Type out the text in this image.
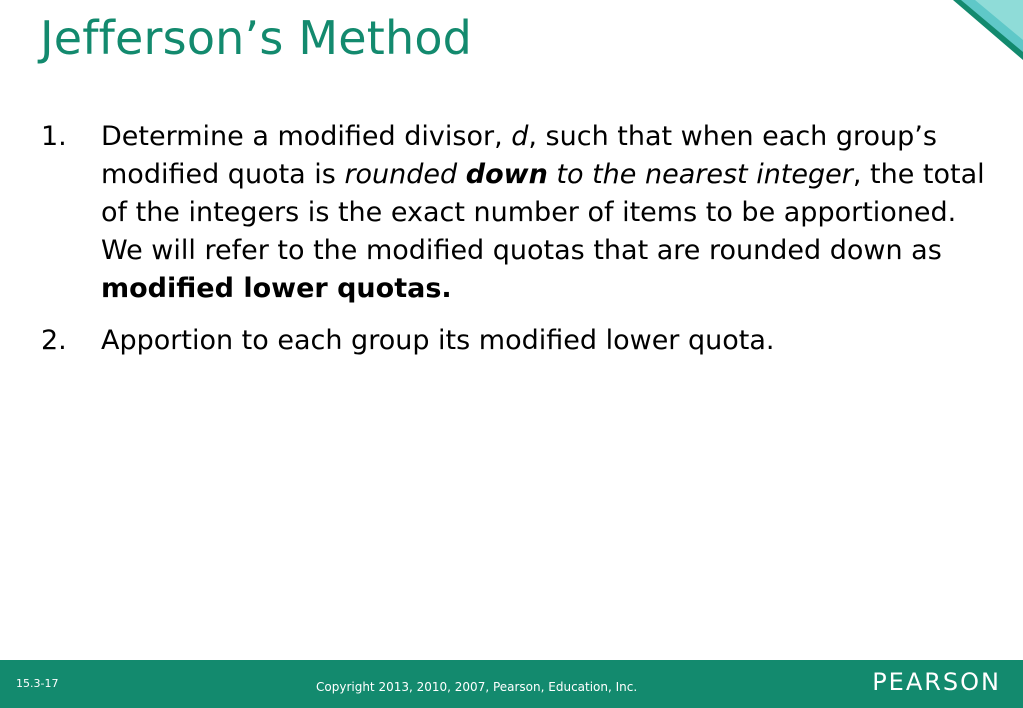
Jefferson’s Method
1. Determine a modified divisor, d, such that when each group’s modified quota is rounded down to the nearest integer, the total of the integers is the exact number of items to be apportioned. We will refer to the modified quotas that are rounded down as modified lower quotas.
2. Apportion to each group its modified lower quota.
15.3-17	Copyright 2013, 2010, 2007, Pearson, Education, Inc.	PEARSON
